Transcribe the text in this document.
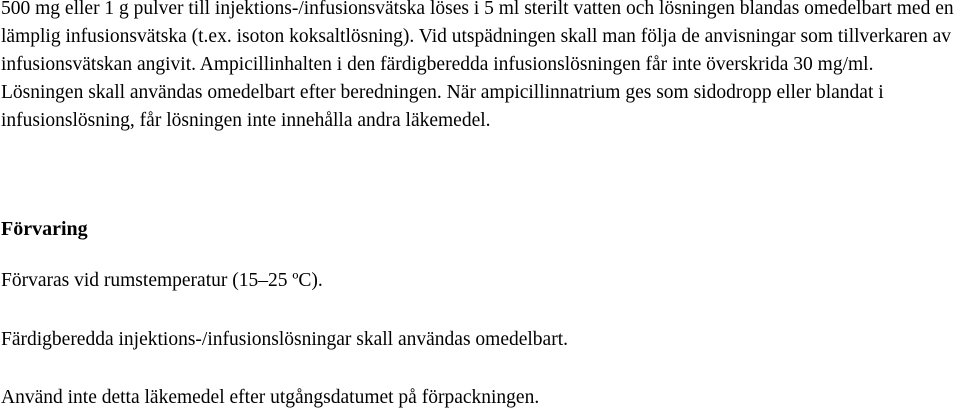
500 mg eller 1 g pulver till injektions-/infusionsvätska löses i 5 ml sterilt vatten och lösningen blandas omedelbart med en lämplig infusionsvätska (t.ex. isoton koksaltlösning). Vid utspädningen skall man följa de anvisningar som tillverkaren av infusionsvätskan angivit. Ampicillinhalten i den färdigberedda infusionslösningen får inte överskrida 30 mg/ml. Lösningen skall användas omedelbart efter beredningen. När ampicillinnatrium ges som sidodropp eller blandat i infusionslösning, får lösningen inte innehålla andra läkemedel.

Förvaring

Förvaras vid rumstemperatur (15–25 ºC).

Färdigberedda injektions-/infusionslösningar skall användas omedelbart.

Använd inte detta läkemedel efter utgångsdatumet på förpackningen.
